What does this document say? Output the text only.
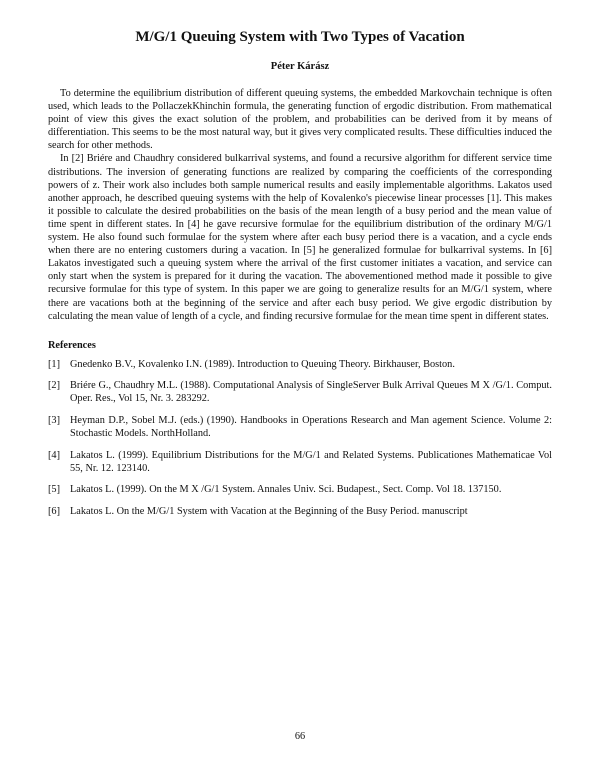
M/G/1 Queuing System with Two Types of Vacation
Péter Kárász

To determine the equilibrium distribution of different queuing systems, the embedded Markovchain technique is often used, which leads to the PollaczekKhinchin formula, the generating function of ergodic distribution. From mathematical point of view this gives the exact solution of the problem, and probabilities can be derived from it by means of differentiation. This seems to be the most natural way, but it gives very complicated results. These difficulties induced the search for other methods.

In [2] Briére and Chaudhry considered bulkarrival systems, and found a recursive algorithm for different service time distributions. The inversion of generating functions are realized by comparing the coefficients of the corresponding powers of z. Their work also includes both sample numerical results and easily implementable algorithms. Lakatos used another approach, he described queuing systems with the help of Kovalenko's piecewise linear processes [1]. This makes it possible to calculate the desired probabilities on the basis of the mean length of a busy period and the mean value of time spent in different states. In [4] he gave recursive formulae for the equilibrium distribution of the ordinary M/G/1 system. He also found such formulae for the system where after each busy period there is a vacation, and a cycle ends when there are no entering customers during a vacation. In [5] he generalized formulae for bulkarrival systems. In [6] Lakatos investigated such a queuing system where the arrival of the first customer initiates a vacation, and service can only start when the system is prepared for it during the vacation. The abovementioned method made it possible to give recursive formulae for this type of system. In this paper we are going to generalize results for an M/G/1 system, where there are vacations both at the beginning of the service and after each busy period. We give ergodic distribution by calculating the mean value of length of a cycle, and finding recursive formulae for the mean time spent in different states.

References
[1] Gnedenko B.V., Kovalenko I.N. (1989). Introduction to Queuing Theory. Birkhauser, Boston.
[2] Briére G., Chaudhry M.L. (1988). Computational Analysis of SingleServer Bulk Arrival Queues M X /G/1. Comput. Oper. Res., Vol 15, Nr. 3. 283292.
[3] Heyman D.P., Sobel M.J. (eds.) (1990). Handbooks in Operations Research and Man agement Science. Volume 2: Stochastic Models. NorthHolland.
[4] Lakatos L. (1999). Equilibrium Distributions for the M/G/1 and Related Systems. Publicationes Mathematicae Vol 55, Nr. 12. 123140.
[5] Lakatos L. (1999). On the M X /G/1 System. Annales Univ. Sci. Budapest., Sect. Comp. Vol 18. 137150.
[6] Lakatos L. On the M/G/1 System with Vacation at the Beginning of the Busy Period. manuscript
66
